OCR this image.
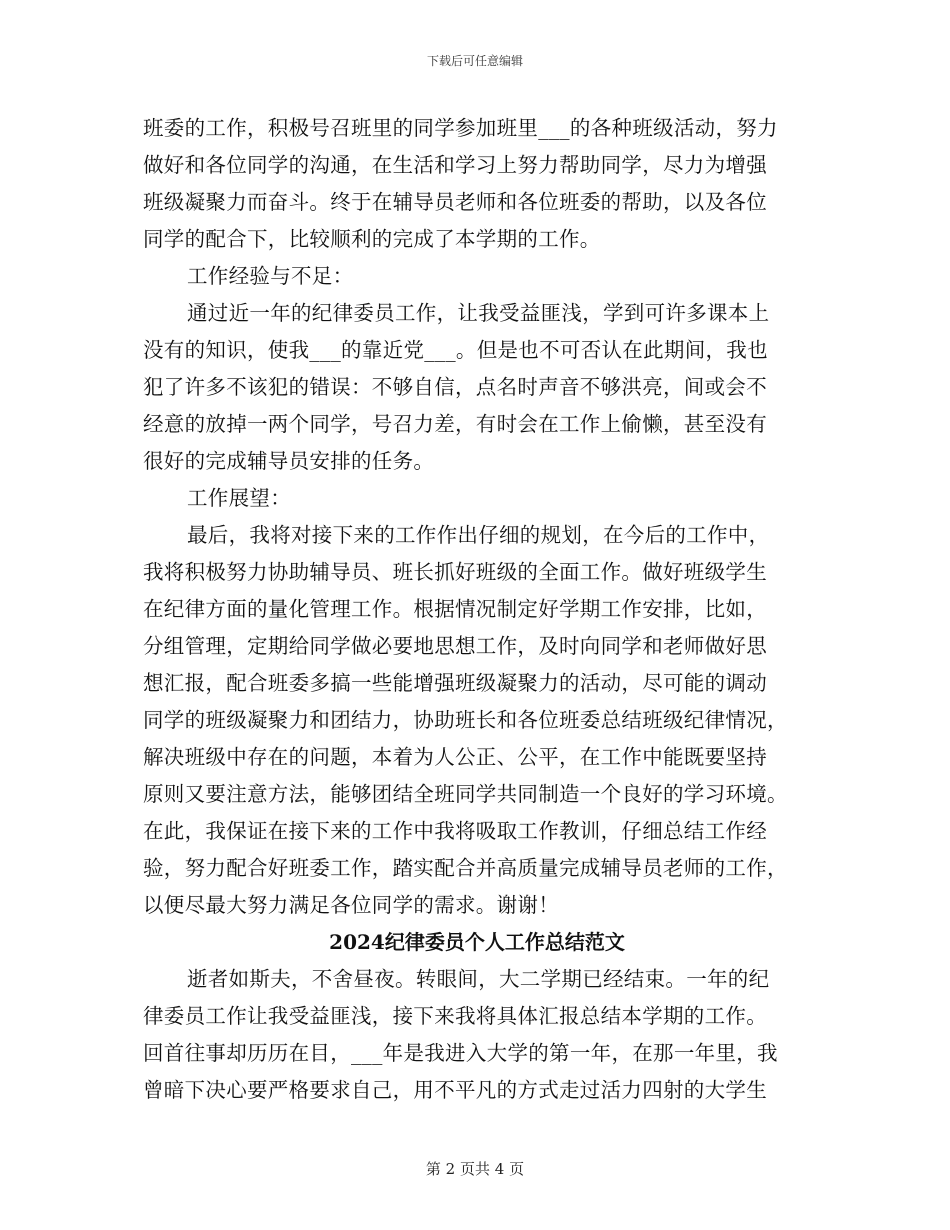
下载后可任意编辑
班委的工作，积极号召班里的同学参加班里___的各种班级活动，努力
做好和各位同学的沟通，在生活和学习上努力帮助同学，尽力为增强
班级凝聚力而奋斗。终于在辅导员老师和各位班委的帮助，以及各位
同学的配合下，比较顺利的完成了本学期的工作。
工作经验与不足：
通过近一年的纪律委员工作，让我受益匪浅，学到可许多课本上
没有的知识，使我___的靠近党___。但是也不可否认在此期间，我也
犯了许多不该犯的错误：不够自信，点名时声音不够洪亮，间或会不
经意的放掉一两个同学，号召力差，有时会在工作上偷懒，甚至没有
很好的完成辅导员安排的任务。
工作展望：
最后，我将对接下来的工作作出仔细的规划，在今后的工作中，
我将积极努力协助辅导员、班长抓好班级的全面工作。做好班级学生
在纪律方面的量化管理工作。根据情况制定好学期工作安排，比如，
分组管理，定期给同学做必要地思想工作，及时向同学和老师做好思
想汇报，配合班委多搞一些能增强班级凝聚力的活动，尽可能的调动
同学的班级凝聚力和团结力，协助班长和各位班委总结班级纪律情况，
解决班级中存在的问题，本着为人公正、公平，在工作中能既要坚持
原则又要注意方法，能够团结全班同学共同制造一个良好的学习环境。
在此，我保证在接下来的工作中我将吸取工作教训，仔细总结工作经
验，努力配合好班委工作，踏实配合并高质量完成辅导员老师的工作，
以便尽最大努力满足各位同学的需求。谢谢！
2024纪律委员个人工作总结范文
逝者如斯夫，不舍昼夜。转眼间，大二学期已经结束。一年的纪
律委员工作让我受益匪浅，接下来我将具体汇报总结本学期的工作。
回首往事却历历在目，___年是我进入大学的第一年，在那一年里，我
曾暗下决心要严格要求自己，用不平凡的方式走过活力四射的大学生
第 2 页共 4 页
